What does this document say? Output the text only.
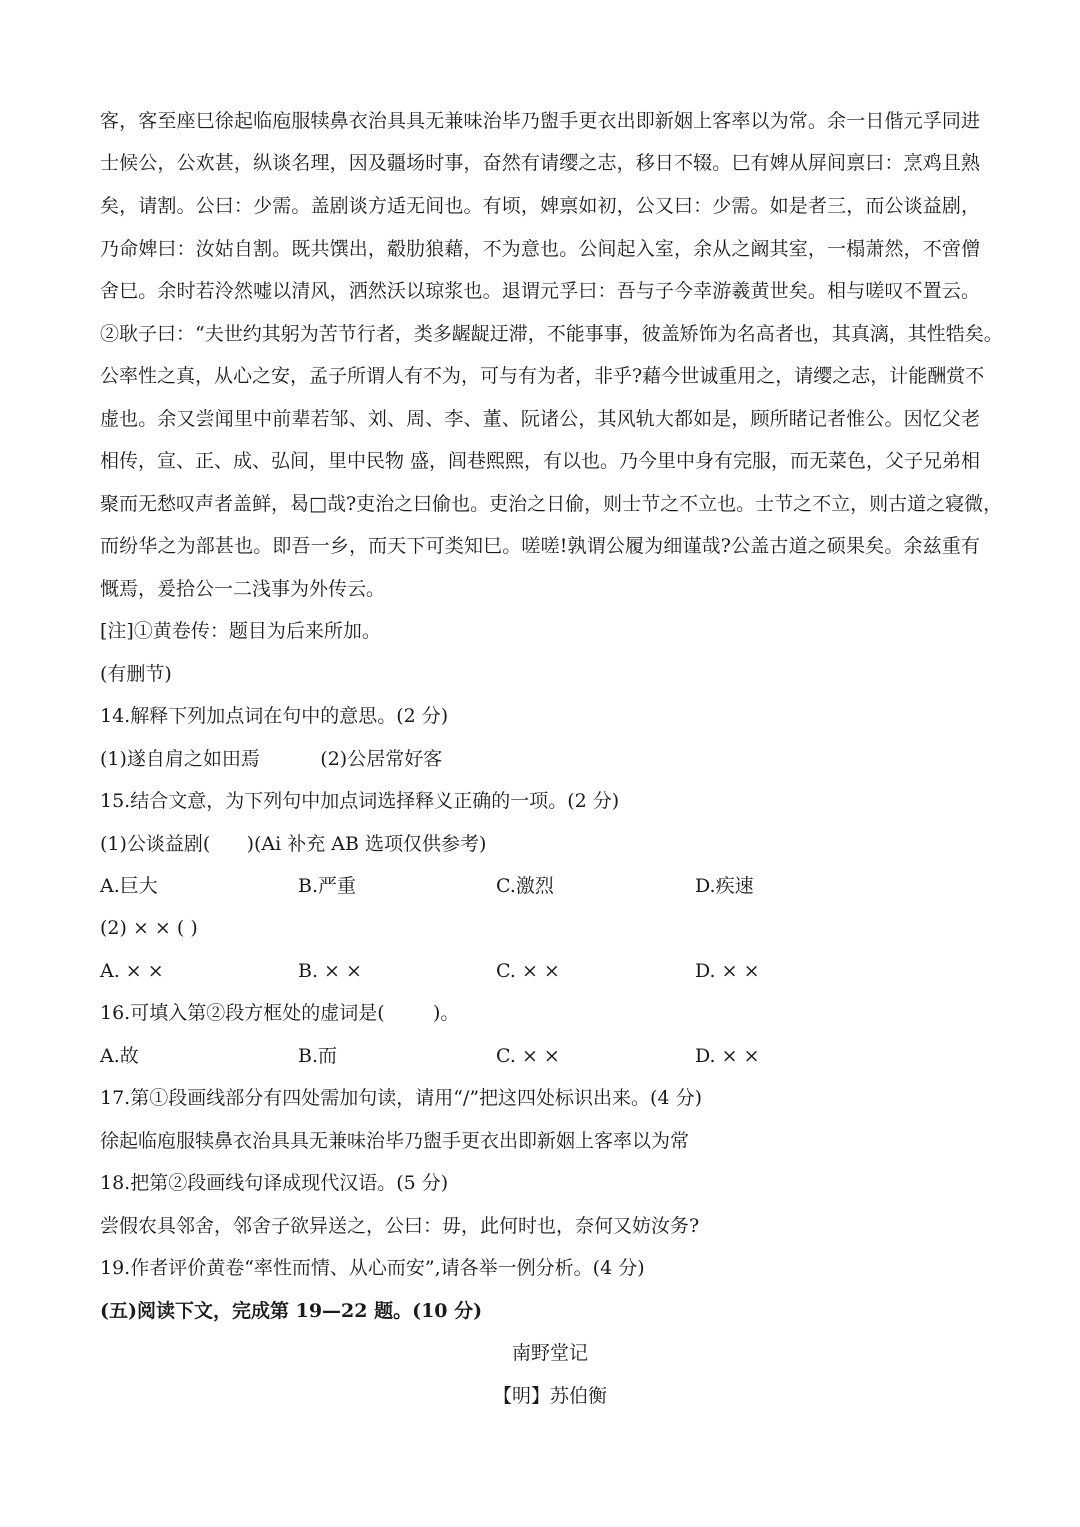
客，客至座巳徐起临庖服犊鼻衣治具具无兼味治毕乃盥手更衣出即新姻上客率以为常。余一日偕元孚同进
士候公，公欢甚，纵谈名理，因及疆场时事，奋然有请缨之志，移日不辍。巳有婢从屏间禀曰：烹鸡且熟
矣，请割。公曰：少需。盖剧谈方适无间也。有顷，婢禀如初，公又曰：少需。如是者三，而公谈益剧，
乃命婢曰：汝姑自割。既共馔出，觳肋狼藉，不为意也。公间起入室，余从之阚其室，一榻萧然，不啻僧
舍巳。余时若泠然嘘以清风，洒然沃以琼浆也。退谓元孚曰：吾与子今幸游羲黄世矣。相与嗟叹不置云。
②耿子曰：“夫世约其躬为苦节行者，类多龌龊迂滞，不能事事，彼盖矫饰为名高者也，其真漓，其性牿矣。
公率性之真，从心之安，孟子所谓人有不为，可与有为者，非乎?藉今世诚重用之，请缨之志，计能酬赏不
虚也。余又尝闻里中前辈若邹、刘、周、李、董、阮诸公，其风轨大都如是，顾所睹记者惟公。因忆父老
相传，宣、正、成、弘间，里中民物 盛，闾巷熙熙，有以也。乃今里中身有完服，而无菜色，父子兄弟相
聚而无愁叹声者盖鲜，曷□哉?吏治之曰偷也。吏治之日偷，则士节之不立也。士节之不立，则古道之寝微，
而纷华之为部甚也。即吾一乡，而天下可类知巳。嗟嗟!孰谓公履为细谨哉?公盖古道之硕果矣。余兹重有
慨焉，爰拾公一二浅事为外传云。
[注]①黄卷传：题目为后来所加。
(有删节)
14.解释下列加点词在句中的意思。(2 分)
(1)遂自肩之如田焉          (2)公居常好客
15.结合文意，为下列句中加点词选择释义正确的一项。(2 分)
(1)公谈益剧(      )(Ai 补充 AB 选项仅供参考)
A.巨大	B.严重	C.激烈	D.疾速
(2) × × ( )
A. × ×	B. × ×	C. × ×	D. × ×
16.可填入第②段方框处的虚词是(        )。
A.故	B.而	C. × ×	D. × ×
17.第①段画线部分有四处需加句读，请用“/”把这四处标识出来。(4 分)
徐起临庖服犊鼻衣治具具无兼味治毕乃盥手更衣出即新姻上客率以为常
18.把第②段画线句译成现代汉语。(5 分)
尝假农具邻舍，邻舍子欲异送之，公曰：毋，此何时也，奈何又妨汝务?
19.作者评价黄卷“率性而情、从心而安”,请各举一例分析。(4 分)
(五)阅读下文，完成第 19—22 题。(10 分)
南野堂记
【明】苏伯衡
